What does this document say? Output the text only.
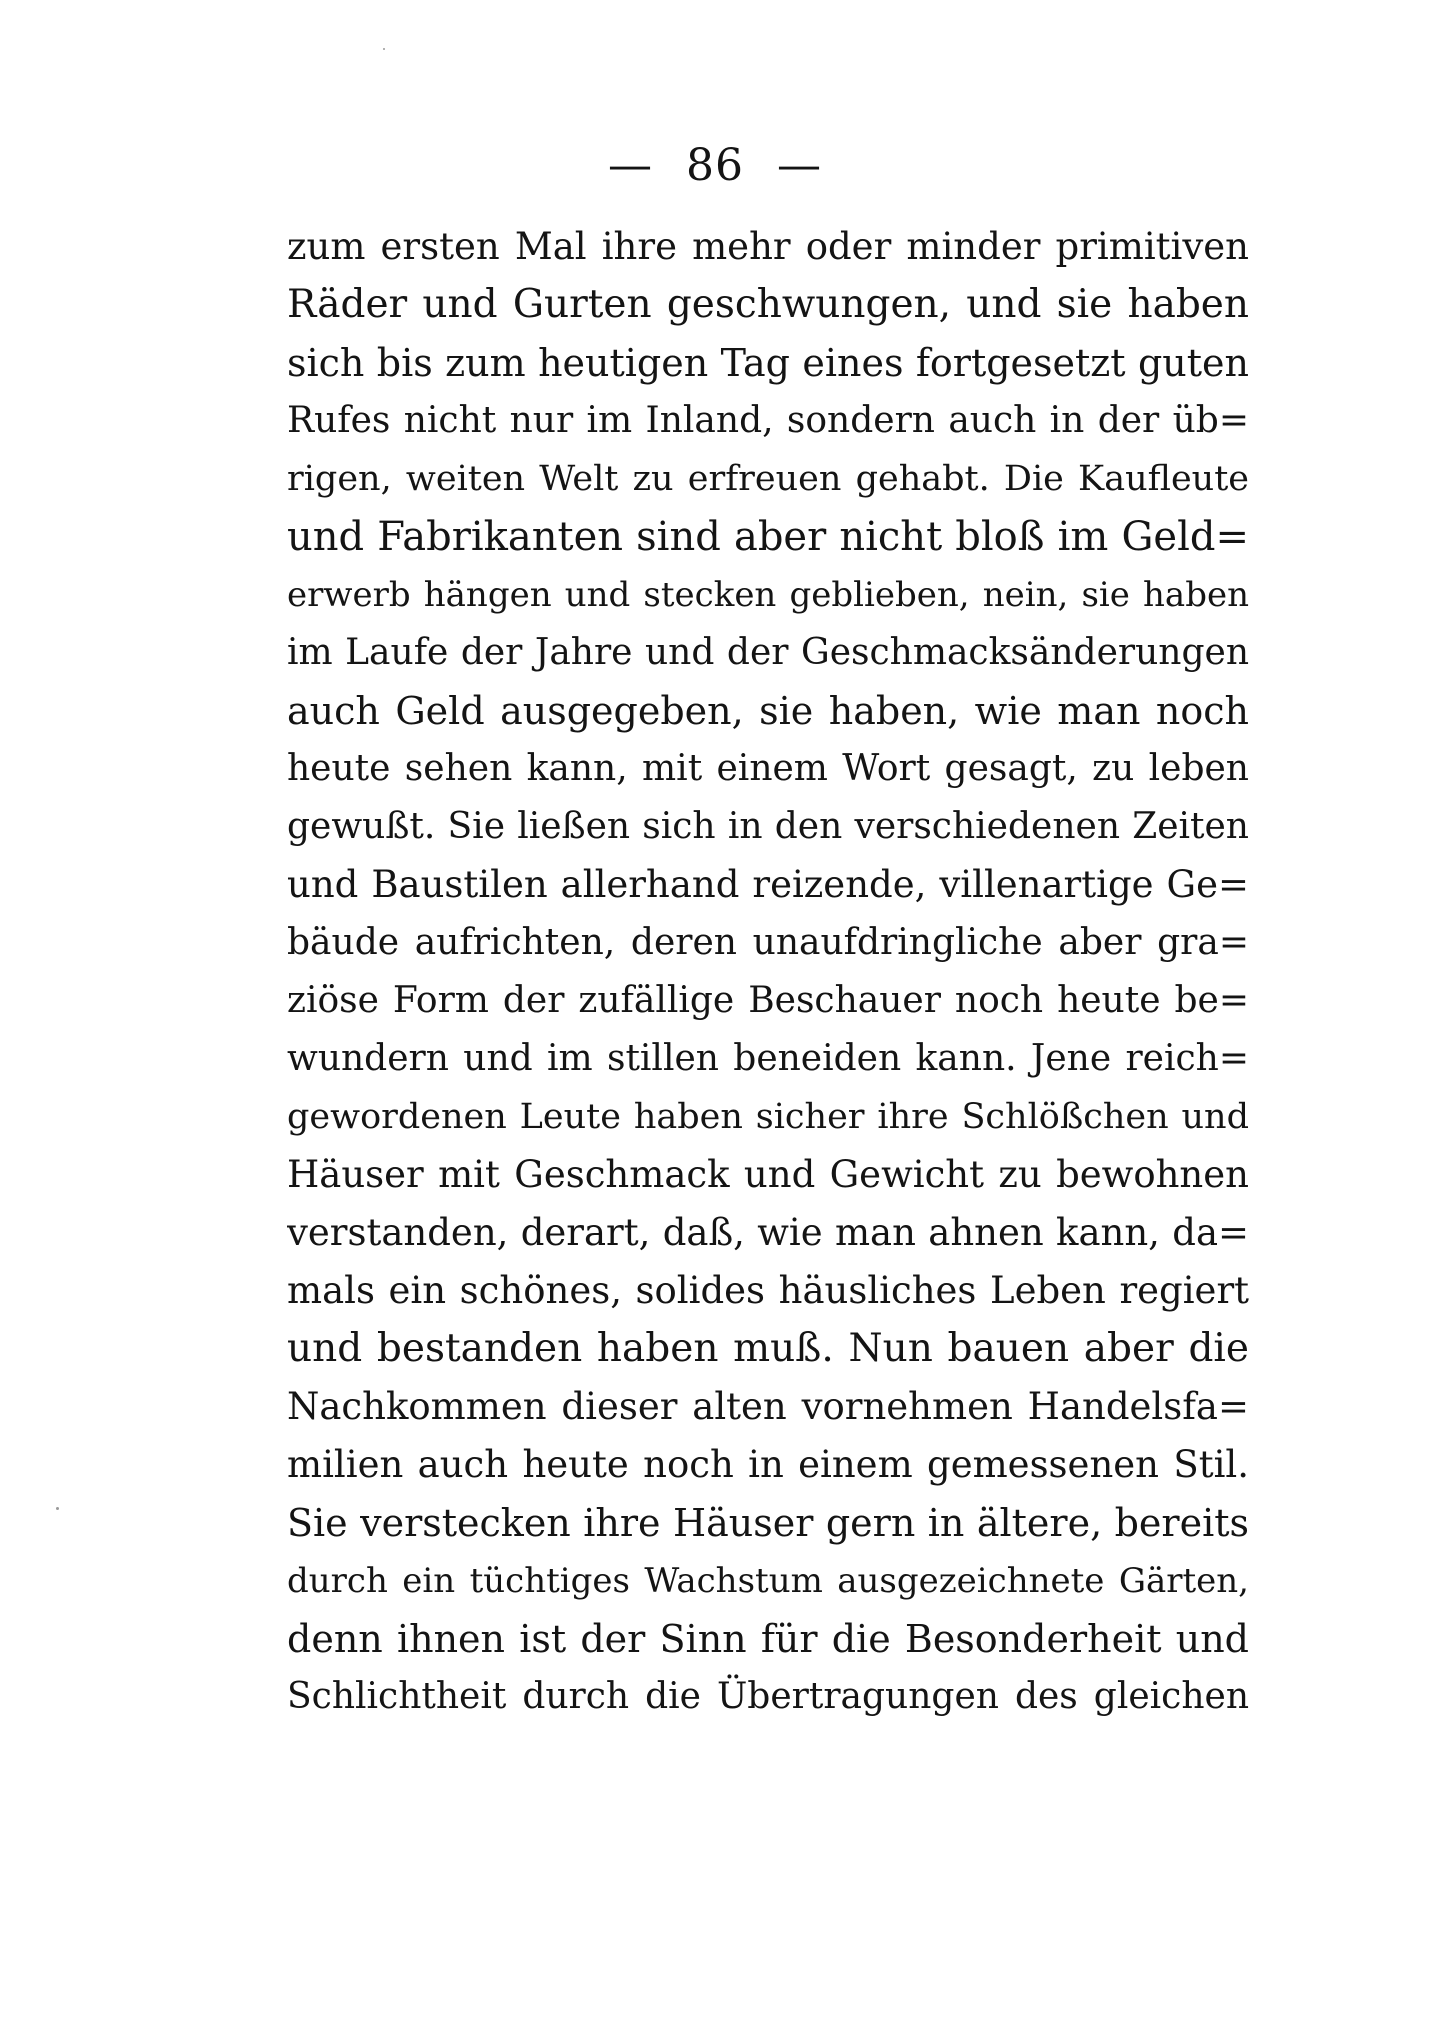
— 86 —
zum ersten Mal ihre mehr oder minder primitiven
Räder und Gurten geschwungen, und sie haben
sich bis zum heutigen Tag eines fortgesetzt guten
Rufes nicht nur im Inland, sondern auch in der üb=
rigen, weiten Welt zu erfreuen gehabt. Die Kaufleute
und Fabrikanten sind aber nicht bloß im Geld=
erwerb hängen und stecken geblieben, nein, sie haben
im Laufe der Jahre und der Geschmacksänderungen
auch Geld ausgegeben, sie haben, wie man noch
heute sehen kann, mit einem Wort gesagt, zu leben
gewußt. Sie ließen sich in den verschiedenen Zeiten
und Baustilen allerhand reizende, villenartige Ge=
bäude aufrichten, deren unaufdringliche aber gra=
ziöse Form der zufällige Beschauer noch heute be=
wundern und im stillen beneiden kann. Jene reich=
gewordenen Leute haben sicher ihre Schlößchen und
Häuser mit Geschmack und Gewicht zu bewohnen
verstanden, derart, daß, wie man ahnen kann, da=
mals ein schönes, solides häusliches Leben regiert
und bestanden haben muß. Nun bauen aber die
Nachkommen dieser alten vornehmen Handelsfa=
milien auch heute noch in einem gemessenen Stil.
Sie verstecken ihre Häuser gern in ältere, bereits
durch ein tüchtiges Wachstum ausgezeichnete Gärten,
denn ihnen ist der Sinn für die Besonderheit und
Schlichtheit durch die Übertragungen des gleichen
